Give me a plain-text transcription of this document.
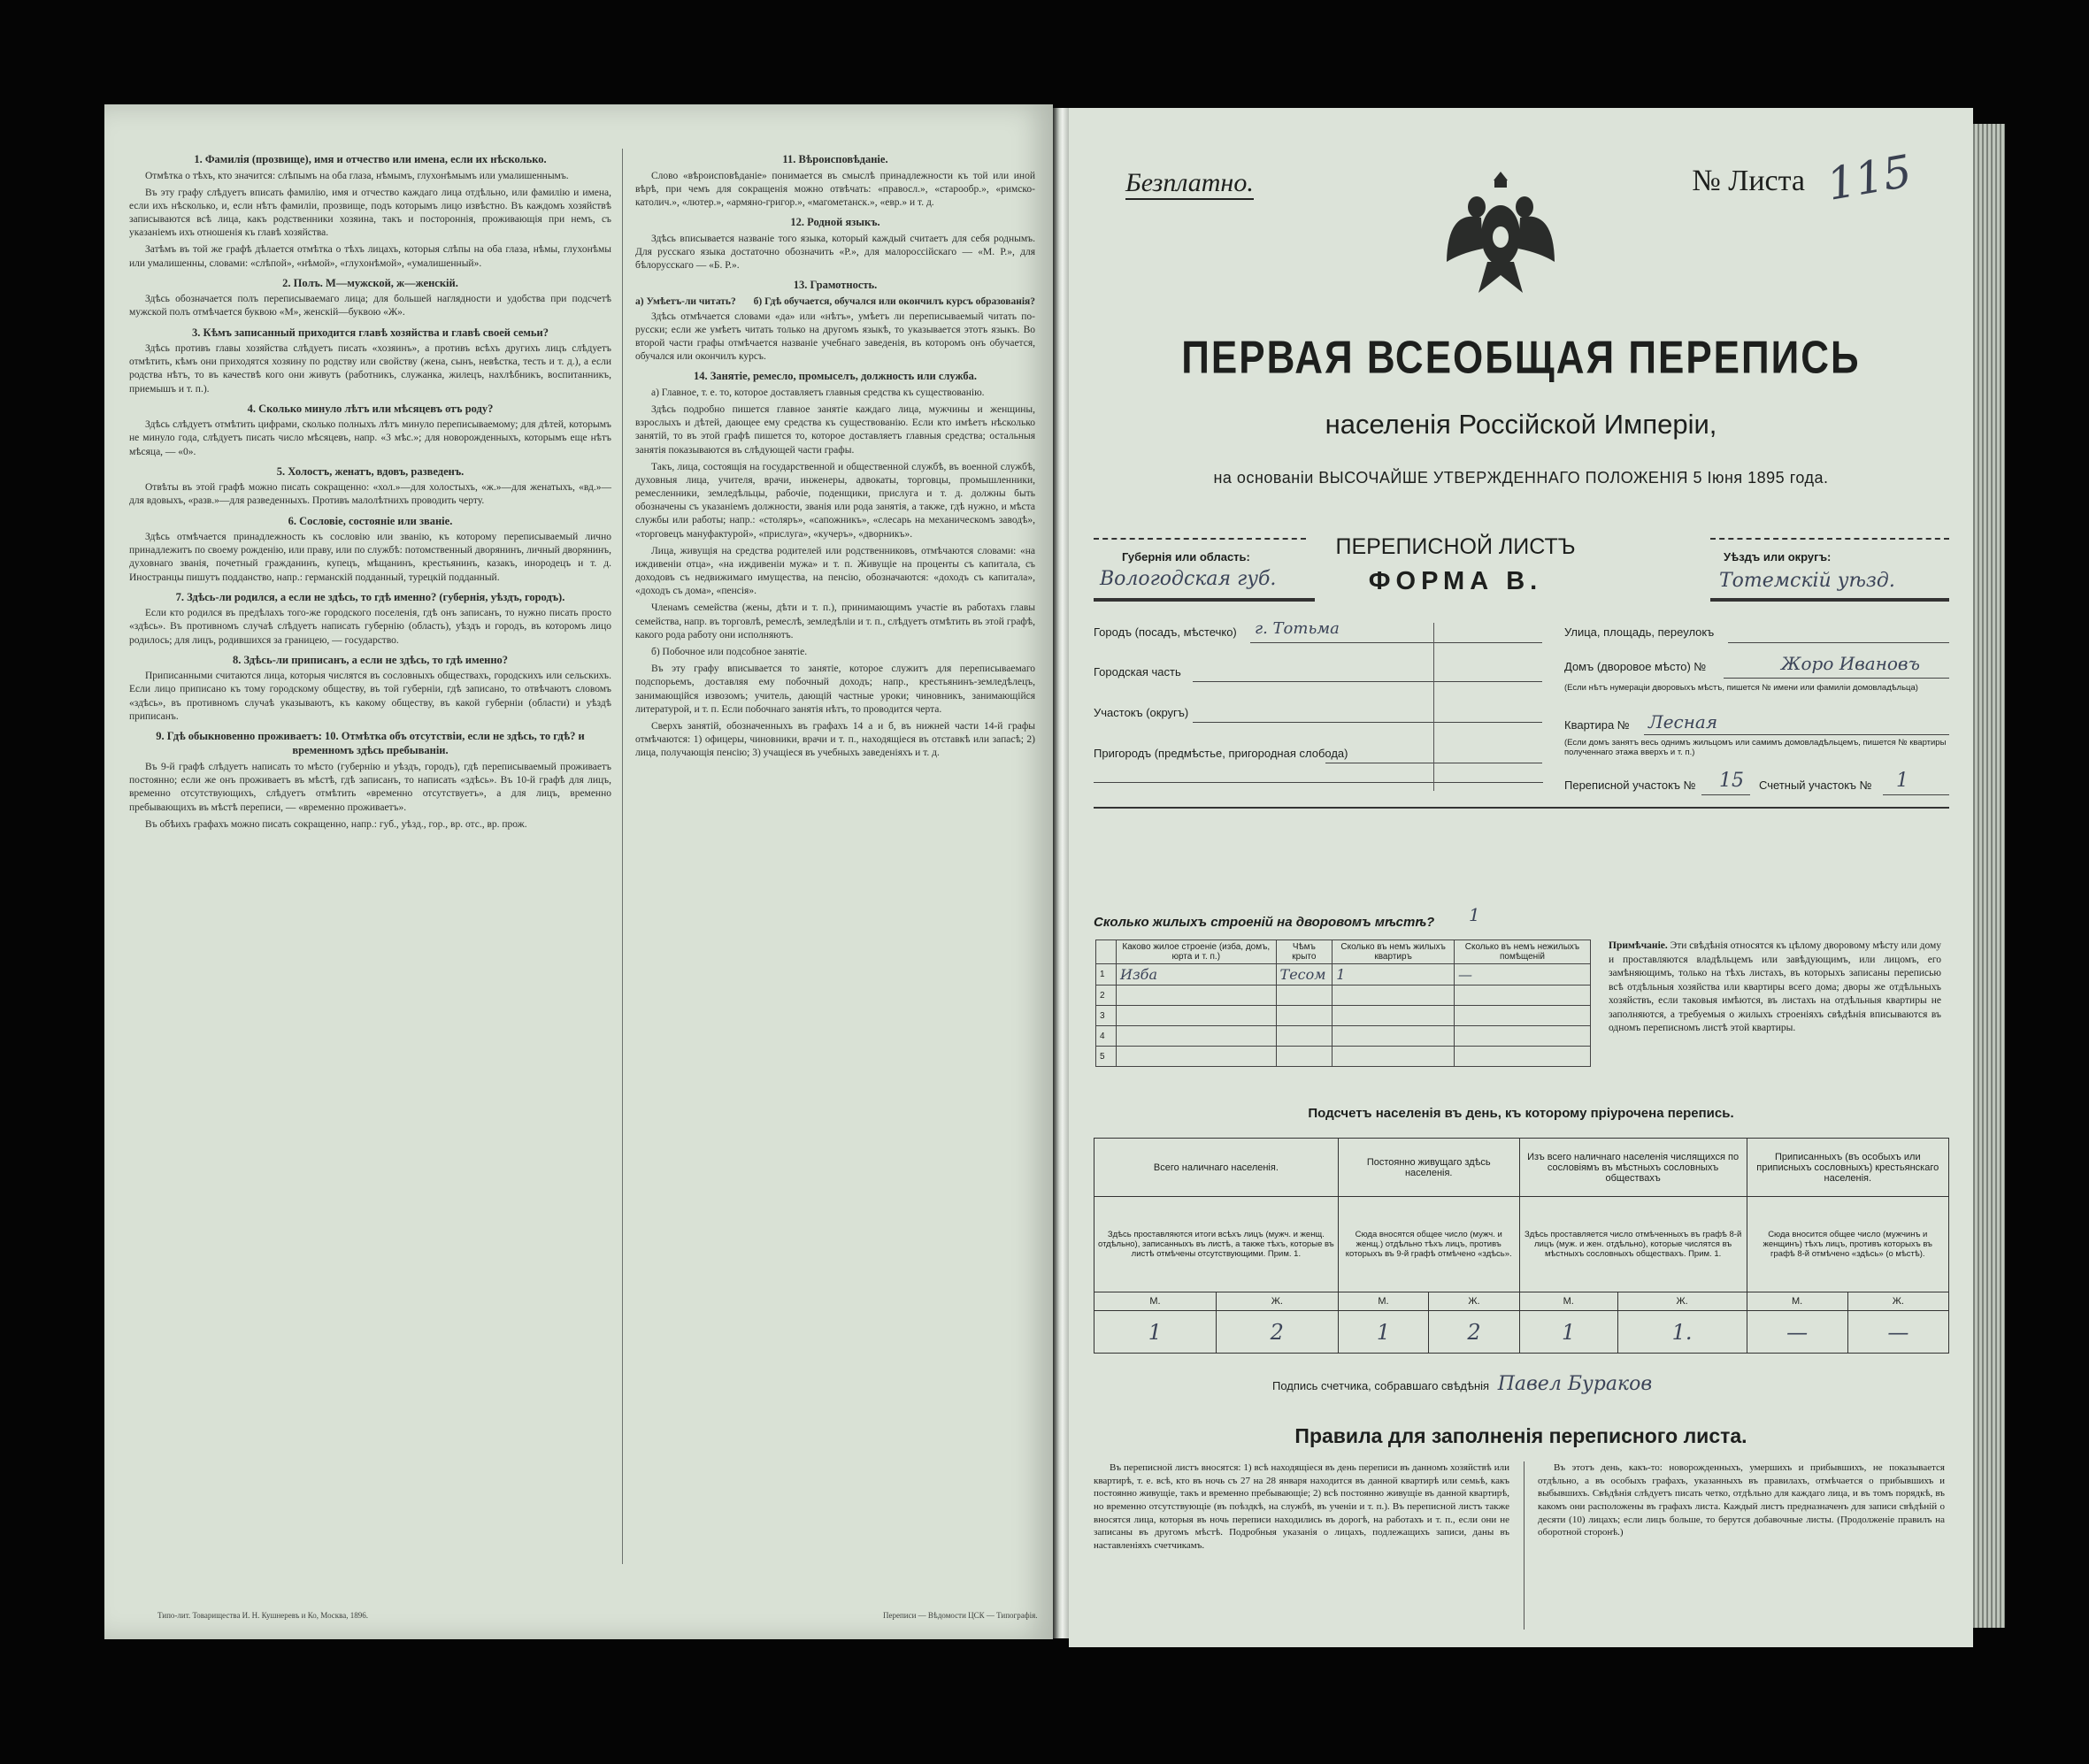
1. Фамилія (прозвище), имя и отчество или имена, если их нѣсколько.

Отмѣтка о тѣхъ, кто значится: слѣпымъ на оба глаза, нѣмымъ, глухонѣмымъ или умалишеннымъ.

Въ эту графу слѣдуетъ вписать фамилію, имя и отчество каждаго лица отдѣльно, или фамилію и имена, если ихъ нѣсколько, и, если нѣтъ фамиліи, прозвище, подъ которымъ лицо извѣстно. Въ каждомъ хозяйствѣ записываются всѣ лица, какъ родственники хозяина, такъ и постороннія, проживающія при немъ, съ указаніемъ ихъ отношенія къ главѣ хозяйства.

Затѣмъ въ той же графѣ дѣлается отмѣтка о тѣхъ лицахъ, которыя слѣпы на оба глаза, нѣмы, глухонѣмы или умалишенны, словами: «слѣпой», «нѣмой», «глухонѣмой», «умалишенный».

2. Полъ. М—мужской, ж—женскій.

Здѣсь обозначается полъ переписываемаго лица; для большей наглядности и удобства при подсчетѣ мужской полъ отмѣчается буквою «М», женскій—буквою «Ж».

3. Кѣмъ записанный приходится главѣ хозяйства и главѣ своей семьи?

Здѣсь противъ главы хозяйства слѣдуетъ писать «хозяинъ», а противъ всѣхъ другихъ лицъ слѣдуетъ отмѣтить, кѣмъ они приходятся хозяину по родству или свойству (жена, сынъ, невѣстка, тесть и т. д.), а если родства нѣтъ, то въ качествѣ кого они живутъ (работникъ, служанка, жилецъ, нахлѣбникъ, воспитанникъ, приемышъ и т. п.).

4. Сколько минуло лѣтъ или мѣсяцевъ отъ роду?

Здѣсь слѣдуетъ отмѣтить цифрами, сколько полныхъ лѣтъ минуло переписываемому; для дѣтей, которымъ не минуло года, слѣдуетъ писать число мѣсяцевъ, напр. «3 мѣс.»; для новорожденныхъ, которымъ еще нѣтъ мѣсяца, — «0».

5. Холостъ, женатъ, вдовъ, разведенъ.

Отвѣты въ этой графѣ можно писать сокращенно: «хол.»—для холостыхъ, «ж.»—для женатыхъ, «вд.»—для вдовыхъ, «разв.»—для разведенныхъ. Противъ малолѣтнихъ проводить черту.

6. Сословіе, состояніе или званіе.

Здѣсь отмѣчается принадлежность къ сословію или званію, къ которому переписываемый лично принадлежитъ по своему рожденію, или праву, или по службѣ: потомственный дворянинъ, личный дворянинъ, духовнаго званія, почетный гражданинъ, купецъ, мѣщанинъ, крестьянинъ, казакъ, инородецъ и т. д. Иностранцы пишутъ подданство, напр.: германскій подданный, турецкій подданный.

7. Здѣсь-ли родился, а если не здѣсь, то гдѣ именно? (губернія, уѣздъ, городъ).

Если кто родился въ предѣлахъ того-же городского поселенія, гдѣ онъ записанъ, то нужно писать просто «здѣсь». Въ противномъ случаѣ слѣдуетъ написать губернію (область), уѣздъ и городъ, въ которомъ лицо родилось; для лицъ, родившихся за границею, — государство.

8. Здѣсь-ли приписанъ, а если не здѣсь, то гдѣ именно?

Приписанными считаются лица, которыя числятся въ сословныхъ обществахъ, городскихъ или сельскихъ. Если лицо приписано къ тому городскому обществу, въ той губерніи, гдѣ записано, то отвѣчаютъ словомъ «здѣсь», въ противномъ случаѣ указываютъ, къ какому обществу, въ какой губерніи (области) и уѣздѣ приписанъ.

9. Гдѣ обыкновенно проживаетъ: 10. Отмѣтка объ отсутствіи, если не здѣсь, то гдѣ? и временномъ здѣсь пребываніи.

Въ 9-й графѣ слѣдуетъ написать то мѣсто (губернію и уѣздъ, городъ), гдѣ переписываемый проживаетъ постоянно; если же онъ проживаетъ въ мѣстѣ, гдѣ записанъ, то написать «здѣсь». Въ 10-й графѣ для лицъ, временно отсутствующихъ, слѣдуетъ отмѣтить «временно отсутствуетъ», а для лицъ, временно пребывающихъ въ мѣстѣ переписи, — «временно проживаетъ».

Въ обѣихъ графахъ можно писать сокращенно, напр.: губ., уѣзд., гор., вр. отс., вр. прож.

11. Вѣроисповѣданіе.

Слово «вѣроисповѣданіе» понимается въ смыслѣ принадлежности къ той или иной вѣрѣ, при чемъ для сокращенія можно отвѣчать: «правосл.», «старообр.», «римско-католич.», «лютер.», «армяно-григор.», «магометанск.», «евр.» и т. д.

12. Родной языкъ.

Здѣсь вписывается названіе того языка, который каждый считаетъ для себя роднымъ. Для русскаго языка достаточно обозначить «Р.», для малороссійскаго — «М. Р.», для бѣлорусскаго — «Б. Р.».

13. Грамотность.
а) Умѣетъ-ли читать? б) Гдѣ обучается, обучался или окончилъ курсъ образованія?

Здѣсь отмѣчается словами «да» или «нѣтъ», умѣетъ ли переписываемый читать по-русски; если же умѣетъ читать только на другомъ языкѣ, то указывается этотъ языкъ. Во второй части графы отмѣчается названіе учебнаго заведенія, въ которомъ онъ обучается, обучался или окончилъ курсъ.

14. Занятіе, ремесло, промыселъ, должность или служба.

а) Главное, т. е. то, которое доставляетъ главныя средства къ существованію.

Здѣсь подробно пишется главное занятіе каждаго лица, мужчины и женщины, взрослыхъ и дѣтей, дающее ему средства къ существованію. Если кто имѣетъ нѣсколько занятій, то въ этой графѣ пишется то, которое доставляетъ главныя средства; остальныя занятія показываются въ слѣдующей части графы.

Такъ, лица, состоящія на государственной и общественной службѣ, въ военной службѣ, духовныя лица, учителя, врачи, инженеры, адвокаты, торговцы, промышленники, ремесленники, земледѣльцы, рабочіе, поденщики, прислуга и т. д. должны быть обозначены съ указаніемъ должности, званія или рода занятія, а также, гдѣ нужно, и мѣста службы или работы; напр.: «столяръ», «сапожникъ», «слесарь на механическомъ заводѣ», «торговецъ мануфактурой», «прислуга», «кучеръ», «дворникъ».

Лица, живущія на средства родителей или родственниковъ, отмѣчаются словами: «на иждивеніи отца», «на иждивеніи мужа» и т. п. Живущіе на проценты съ капитала, съ доходовъ съ недвижимаго имущества, на пенсію, обозначаются: «доходъ съ капитала», «доходъ съ дома», «пенсія».

Членамъ семейства (жены, дѣти и т. п.), принимающимъ участіе въ работахъ главы семейства, напр. въ торговлѣ, ремеслѣ, земледѣліи и т. п., слѣдуетъ отмѣтить въ этой графѣ, какого рода работу они исполняютъ.

б) Побочное или подсобное занятіе.

Въ эту графу вписывается то занятіе, которое служитъ для переписываемаго подспорьемъ, доставляя ему побочный доходъ; напр., крестьянинъ-земледѣлецъ, занимающійся извозомъ; учитель, дающій частные уроки; чиновникъ, занимающійся литературой, и т. п. Если побочнаго занятія нѣтъ, то проводится черта.

Сверхъ занятій, обозначенныхъ въ графахъ 14 а и б, въ нижней части 14-й графы отмѣчаются: 1) офицеры, чиновники, врачи и т. п., находящіеся въ отставкѣ или запасѣ; 2) лица, получающія пенсію; 3) учащіеся въ учебныхъ заведеніяхъ и т. д.

Типо-лит. Товарищества И. Н. Кушнеревъ и Ко, Москва, 1896.	Переписи — Вѣдомости ЦСК — Типографія.
Безплатно.	№ Листа 115
ПЕРВАЯ ВСЕОБЩАЯ ПЕРЕПИСЬ
населенія Россійской Имперіи,
на основаніи ВЫСОЧАЙШЕ УТВЕРЖДЕННАГО ПОЛОЖЕНІЯ 5 Іюня 1895 года.
Губернія или область:
Вологодская губ.
ПЕРЕПИСНОЙ ЛИСТЪ
ФОРМА В.
Уѣздъ или округъ:
Тотемскій уѣзд.
Городъ (посадъ, мѣстечко) г. Тотьма
Городская часть
Участокъ (округъ)
Пригородъ (предмѣстье, пригородная слобода)
Улица, площадь, переулокъ
Домъ (дворовое мѣсто) №	Жоро Ивановъ
(Если нѣтъ нумераціи дворовыхъ мѣстъ, пишется № имени или фамиліи домовладѣльца)
Квартира № Лесная
(Если домъ занятъ весь однимъ жильцомъ или самимъ домовладѣльцемъ, пишется № квартиры полученнаго этажа вверхъ и т. п.)
Переписной участокъ № 15 Счетный участокъ № 1
Сколько жилыхъ строеній на дворовомъ мѣстѣ? 1
	Каково жилое строеніе (изба, домъ, юрта и т. п.)	Чѣмъ крыто	Сколько въ немъ жилыхъ квартиръ	Сколько въ немъ нежилыхъ помѣщеній
1	Изба	Тесом	1	—
2				
3				
4				
5				
Примѣчаніе. Эти свѣдѣнія относятся къ цѣлому дворовому мѣсту или дому и проставляются владѣльцемъ или завѣдующимъ, или лицомъ, его замѣняющимъ, только на тѣхъ листахъ, въ которыхъ записаны переписью всѣ отдѣльныя хозяйства или квартиры всего дома; дворы же отдѣльныхъ хозяйствъ, если таковыя имѣются, въ листахъ на отдѣльныя квартиры не заполняются, а требуемыя о жилыхъ строеніяхъ свѣдѣнія вписываются въ одномъ переписномъ листѣ этой квартиры.
Подсчетъ населенія въ день, къ которому пріурочена перепись.
Всего наличнаго населенія.		Постоянно живущаго здѣсь населенія.		Изъ всего наличнаго населенія числящихся по сословіямъ въ мѣстныхъ сословныхъ обществахъ		Приписанныхъ (въ особыхъ или приписныхъ сословныхъ) крестьянскаго населенія.	
Здѣсь проставляются итоги всѣхъ лицъ (мужч. и женщ. отдѣльно), записанныхъ въ листѣ, а также тѣхъ, которые въ листѣ отмѣчены отсутствующими. Прим. 1.		Сюда вносятся общее число (мужч. и женщ.) отдѣльно тѣхъ лицъ, противъ которыхъ въ 9-й графѣ отмѣчено «здѣсь».		Здѣсь проставляется число отмѣченныхъ въ графѣ 8-й лицъ (муж. и жен. отдѣльно), которые числятся въ мѣстныхъ сословныхъ обществахъ. Прим. 1.		Сюда вносится общее число (мужчинъ и женщинъ) тѣхъ лицъ, противъ которыхъ въ графѣ 8-й отмѣчено «здѣсь» (о мѣстѣ).	
М.	Ж.	М.	Ж.	М.	Ж.	М.	Ж.
1	2	1	2	1	1.	—	—
Подпись счетчика, собравшаго свѣдѣнія Павел Бураков
Правила для заполненія переписного листа.

Въ переписной листъ вносятся: 1) всѣ находящіеся въ день переписи въ данномъ хозяйствѣ или квартирѣ, т. е. всѣ, кто въ ночь съ 27 на 28 января находится въ данной квартирѣ или семьѣ, какъ постоянно живущіе, такъ и временно пребывающіе; 2) всѣ постоянно живущіе въ данной квартирѣ, но временно отсутствующіе (въ поѣздкѣ, на службѣ, въ ученіи и т. п.). Въ переписной листъ также вносятся лица, которыя въ ночь переписи находились въ дорогѣ, на работахъ и т. п., если они не записаны въ другомъ мѣстѣ. Подробныя указанія о лицахъ, подлежащихъ записи, даны въ наставленіяхъ счетчикамъ.

Въ этотъ день, какъ-то: новорожденныхъ, умершихъ и прибывшихъ, не показывается отдѣльно, а въ особыхъ графахъ, указанныхъ въ правилахъ, отмѣчается о прибывшихъ и выбывшихъ. Свѣдѣнія слѣдуетъ писать четко, отдѣльно для каждаго лица, и въ томъ порядкѣ, въ какомъ они расположены въ графахъ листа. Каждый листъ предназначенъ для записи свѣдѣній о десяти (10) лицахъ; если лицъ больше, то берутся добавочные листы. (Продолженіе правилъ на оборотной сторонѣ.)
